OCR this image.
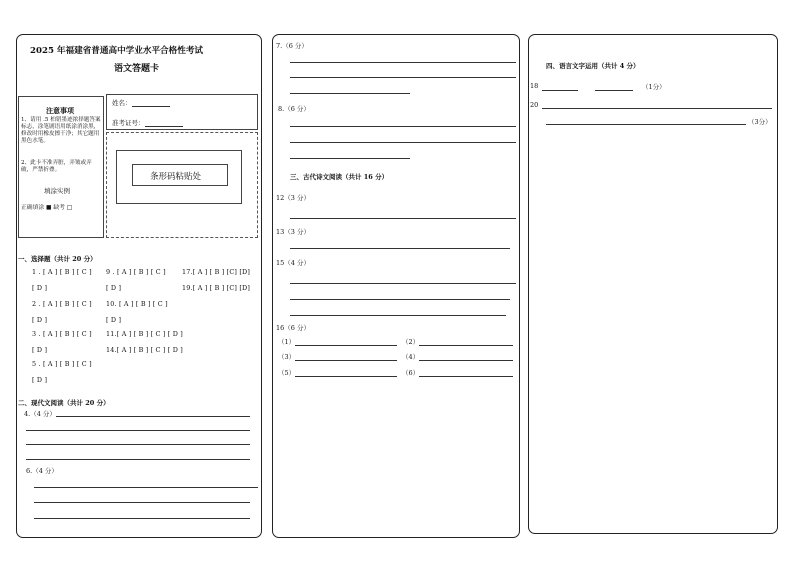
2025 年福建省普通高中学业水平合格性考试
语文答题卡
注意事项
1、请用 .5 柏错墨迹浓择题答案标志，涂笔剧语用纸涂消涂黑，修改时用橡皮擦干净；其它题用黑色水笔。
2、此卡不准弄脏，弄皱或弄破，严禁折叠。
填涂实例
正确填涂 ■ 缺考 □
姓名：
准考证号：
条形码粘贴处
一、选择题（共计 20 分）
1 . [ A ] [ B ] [ C ] 9 . [ A ] [ B ] [ C ]	17.[ A ] [ B ] [C] [D]
[ D ]	[ D ]	19.[ A ] [ B ] [C] [D]
2 . [ A ] [ B ] [ C ] 10. [ A ] [ B ] [ C ]
[ D ]	[ D ]
3 . [ A ] [ B ] [ C ] 11.[ A ] [ B ] [ C ] [ D ]
[ D ]	14.[ A ] [ B ] [ C ] [ D ]
5 . [ A ] [ B ] [ C ]
[ D ]
二、现代文阅读（共计 20 分）
4.（4 分）
6.（4 分）
7.（6 分）
8.（6 分）
三、古代诗文阅读（共计 16 分）
12（3 分）
13（3 分）
15（4 分）
16（6 分）
（1）	（2）
（3）	（4）
（5）	（6）
四、语言文字运用（共计 4 分）
18	（1分）
20
（3分）
